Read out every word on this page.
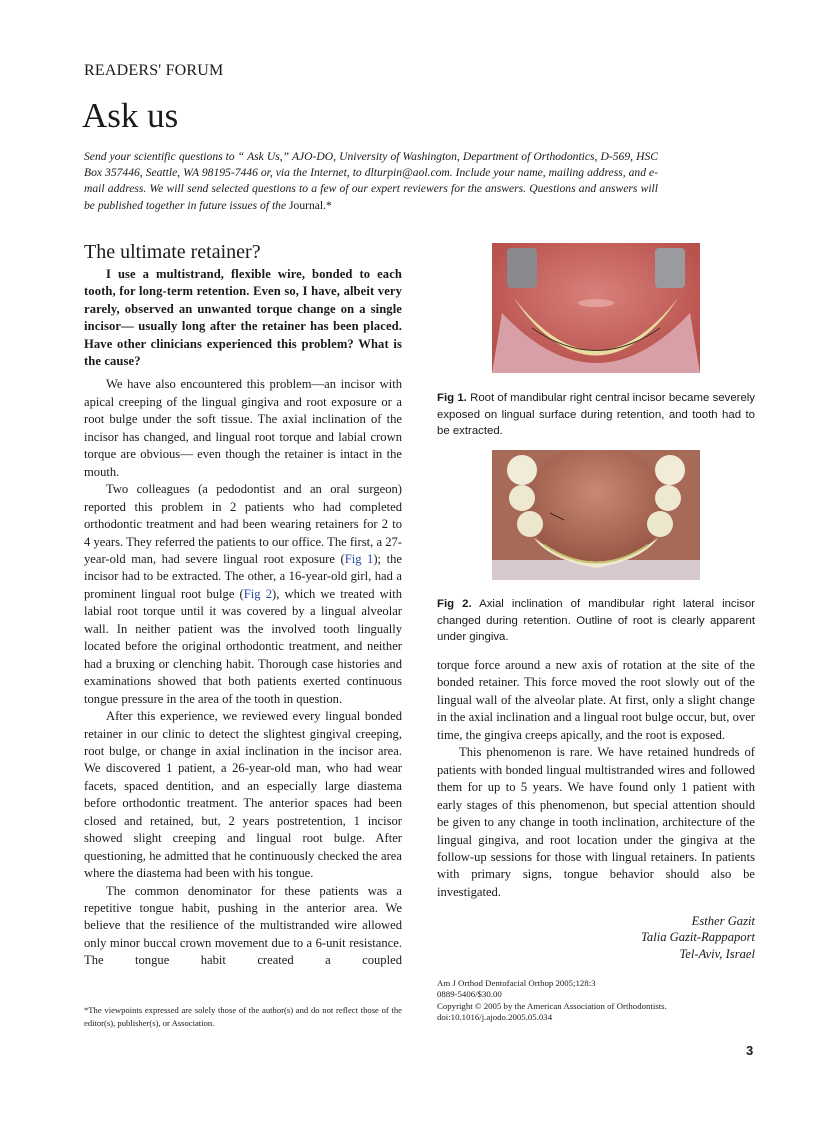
READERS' FORUM
Ask us

Send your scientific questions to “ Ask Us,” AJO-DO, University of Washington, Department of Orthodontics, D-569, HSC Box 357446, Seattle, WA 98195-7446 or, via the Internet, to dlturpin@aol.com. Include your name, mailing address, and e-mail address. We will send selected questions to a few of our expert reviewers for the answers. Questions and answers will be published together in future issues of the Journal.*

The ultimate retainer?

I use a multistrand, flexible wire, bonded to each tooth, for long-term retention. Even so, I have, albeit very rarely, observed an unwanted torque change on a single incisor— usually long after the retainer has been placed. Have other clinicians experienced this problem? What is the cause?

We have also encountered this problem—an incisor with apical creeping of the lingual gingiva and root exposure or a root bulge under the soft tissue. The axial inclination of the incisor has changed, and lingual root torque and labial crown torque are obvious— even though the retainer is intact in the mouth.

Two colleagues (a pedodontist and an oral surgeon) reported this problem in 2 patients who had completed orthodontic treatment and had been wearing retainers for 2 to 4 years. They referred the patients to our office. The first, a 27-year-old man, had severe lingual root exposure (Fig 1); the incisor had to be extracted. The other, a 16-year-old girl, had a prominent lingual root bulge (Fig 2), which we treated with labial root torque until it was covered by a lingual alveolar wall. In neither patient was the involved tooth lingually located before the original orthodontic treatment, and neither had a bruxing or clenching habit. Thorough case histories and examinations showed that both patients exerted continuous tongue pressure in the area of the tooth in question.

After this experience, we reviewed every lingual bonded retainer in our clinic to detect the slightest gingival creeping, root bulge, or change in axial inclination in the incisor area. We discovered 1 patient, a 26-year-old man, who had wear facets, spaced dentition, and an especially large diastema before orthodontic treatment. The anterior spaces had been closed and retained, but, 2 years postretention, 1 incisor showed slight creeping and lingual root bulge. After questioning, he admitted that he continuously checked the area where the diastema had been with his tongue.

The common denominator for these patients was a repetitive tongue habit, pushing in the anterior area. We believe that the resilience of the multistranded wire allowed only minor buccal crown movement due to a 6-unit resistance. The tongue habit created a coupled

*The viewpoints expressed are solely those of the author(s) and do not reflect those of the editor(s), publisher(s), or Association.

Fig 1. Root of mandibular right central incisor became severely exposed on lingual surface during retention, and tooth had to be extracted.

Fig 2. Axial inclination of mandibular right lateral incisor changed during retention. Outline of root is clearly apparent under gingiva.

torque force around a new axis of rotation at the site of the bonded retainer. This force moved the root slowly out of the lingual wall of the alveolar plate. At first, only a slight change in the axial inclination and a lingual root bulge occur, but, over time, the gingiva creeps apically, and the root is exposed.

This phenomenon is rare. We have retained hundreds of patients with bonded lingual multistranded wires and followed them for up to 5 years. We have found only 1 patient with early stages of this phenomenon, but special attention should be given to any change in tooth inclination, architecture of the lingual gingiva, and root location under the gingiva at the follow-up sessions for those with lingual retainers. In patients with primary signs, tongue behavior should also be investigated.

Esther Gazit
Talia Gazit-Rappaport
Tel-Aviv, Israel
Am J Orthod Dentofacial Orthop 2005;128:3
0889-5406/$30.00
Copyright © 2005 by the American Association of Orthodontists.
doi:10.1016/j.ajodo.2005.05.034
3
